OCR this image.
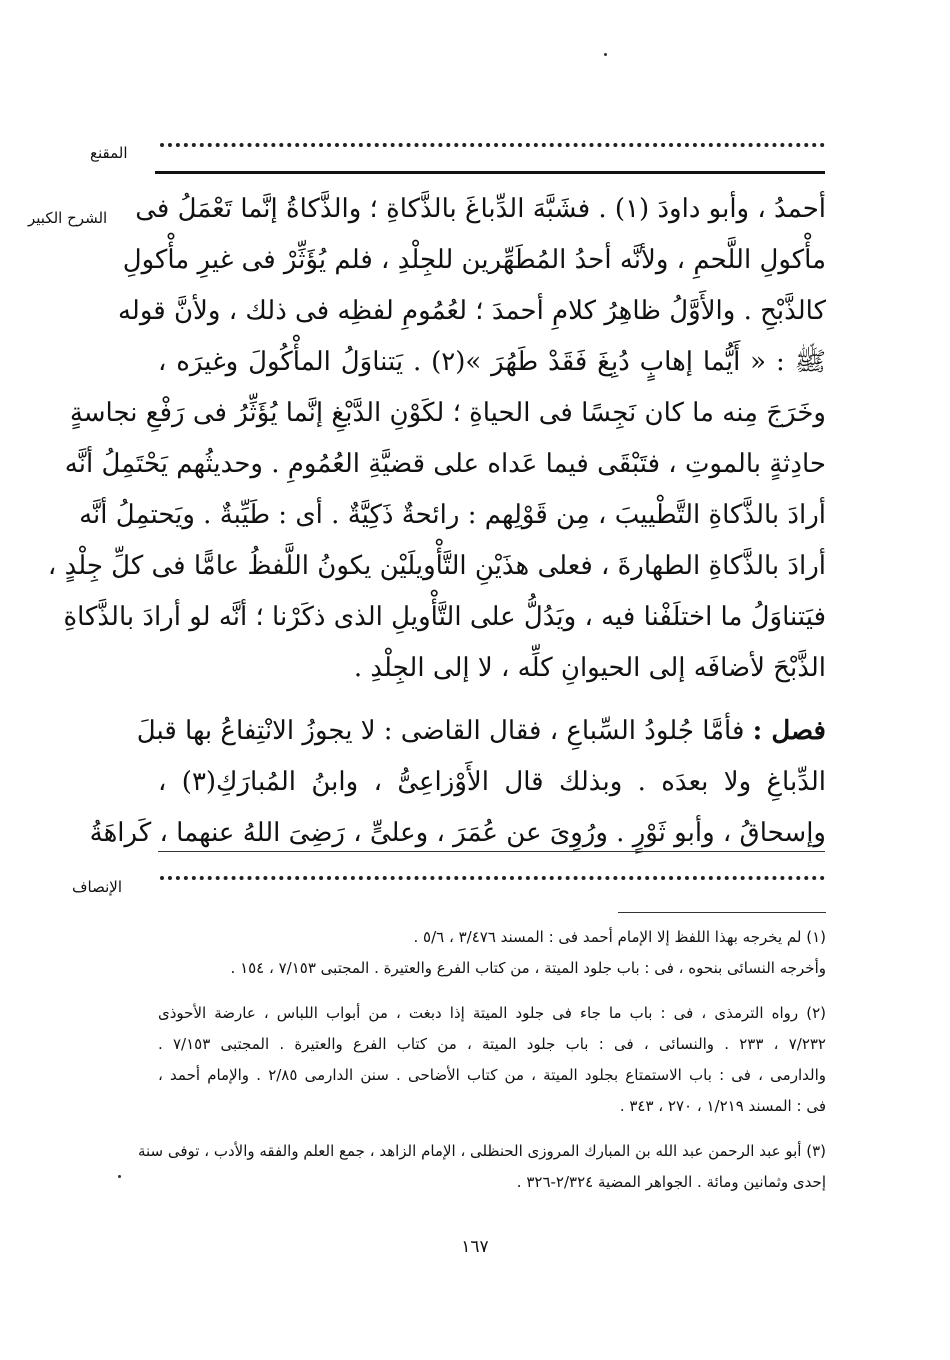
المقنع
الشرح الكبير
الإنصاف
أحمدُ ، وأبو داودَ (١) . فشَبَّهَ الدِّباغَ بالذَّكاةِ ؛ والذَّكاةُ إنَّما تَعْمَلُ فى
مأْكولِ اللَّحمِ ، ولأنَّه أحدُ المُطَهِّرين للجِلْدِ ، فلم يُؤَثِّرْ فى غيرِ مأْكولِ
كالذَّبْحِ . والأَوَّلُ ظاهِرُ كلامِ أحمدَ ؛ لعُمُومِ لفظِه فى ذلك ، ولأنَّ قوله
ﷺ : « أَيُّما إهابٍ دُبِغَ فَقَدْ طَهُرَ »(٢) . يَتناوَلُ المأْكُولَ وغيرَه ،
وخَرَجَ مِنه ما كان نَجِسًا فى الحياةِ ؛ لكَوْنِ الدَّبْغِ إنَّما يُؤَثِّرُ فى رَفْعِ نجاسةٍ
حادِثةٍ بالموتِ ، فتَبْقَى فيما عَداه على قضيَّةِ العُمُومِ . وحديثُهم يَحْتَمِلُ أنَّه
أرادَ بالذَّكاةِ التَّطْييبَ ، مِن قَوْلِهم : رائحةٌ ذَكِيَّةٌ . أى : طَيِّبةٌ . ويَحتمِلُ أنَّه
أرادَ بالذَّكاةِ الطهارةَ ، فعلى هذَيْنِ التَّأْويلَيْن يكونُ اللَّفظُ عامًّا فى كلِّ جِلْدٍ ،
فيَتناوَلُ ما اختلَفْنا فيه ، ويَدُلُّ على التَّأْويلِ الذى ذكَرْنا ؛ أنَّه لو أرادَ بالذَّكاةِ
الذَّبْحَ لأضافَه إلى الحيوانِ كلِّه ، لا إلى الجِلْدِ .
فصل : فأمَّا جُلودُ السِّباعِ ، فقال القاضى : لا يجوزُ الانْتِفاعُ بها قبلَ
الدِّباغِ ولا بعدَه . وبذلك قال الأَوْزاعِىُّ ، وابنُ المُبارَكِ(٣) ،
وإسحاقُ ، وأبو ثَوْرٍ . ورُوِىَ عن عُمَرَ ، وعلىٍّ ، رَضِىَ اللهُ عنهما ، كَراهَةُ
(١) لم يخرجه بهذا اللفظ إلا الإمام أحمد فى : المسند ٣/٤٧٦ ، ٥/٦ .
وأخرجه النسائى بنحوه ، فى : باب جلود الميتة ، من كتاب الفرع والعتيرة . المجتبى ٧/١٥٣ ، ١٥٤ .
(٢) رواه الترمذى ، فى : باب ما جاء فى جلود الميتة إذا دبغت ، من أبواب اللباس ، عارضة الأحوذى
٧/٢٣٢ ، ٢٣٣ . والنسائى ، فى : باب جلود الميتة ، من كتاب الفرع والعتيرة . المجتبى ٧/١٥٣ .
والدارمى ، فى : باب الاستمتاع بجلود الميتة ، من كتاب الأضاحى . سنن الدارمى ٢/٨٥ . والإمام أحمد ،
فى : المسند ١/٢١٩ ، ٢٧٠ ، ٣٤٣ .
(٣) أبو عبد الرحمن عبد الله بن المبارك المروزى الحنظلى ، الإمام الزاهد ، جمع العلم والفقه والأدب ، توفى سنة
إحدى وثمانين ومائة . الجواهر المضية ٢/٣٢٤-٣٢٦ .
١٦٧
